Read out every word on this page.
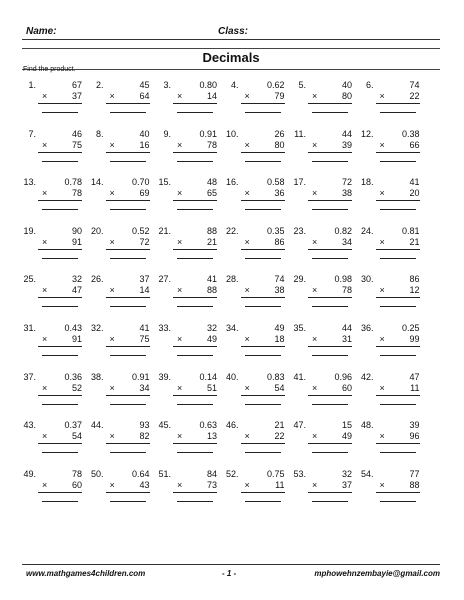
Name:	Class:
Decimals
Find the product.
1.	67
×	37
2.	45
×	64
3.	0.80
×	14
4.	0.62
×	79
5.	40
×	80
6.	74
×	22
7.	46
×	75
8.	40
×	16
9.	0.91
×	78
10.	26
×	80
11.	44
×	39
12.	0.38
×	66
13.	0.78
×	78
14.	0.70
×	69
15.	48
×	65
16.	0.58
×	36
17.	72
×	38
18.	41
×	20
19.	90
×	91
20.	0.52
×	72
21.	88
×	21
22.	0.35
×	86
23.	0.82
×	34
24.	0.81
×	21
25.	32
×	47
26.	37
×	14
27.	41
×	88
28.	74
×	38
29.	0.98
×	78
30.	86
×	12
31.	0.43
×	91
32.	41
×	75
33.	32
×	49
34.	49
×	18
35.	44
×	31
36.	0.25
×	99
37.	0.36
×	52
38.	0.91
×	34
39.	0.14
×	51
40.	0.83
×	54
41.	0.96
×	60
42.	47
×	11
43.	0.37
×	54
44.	93
×	82
45.	0.63
×	13
46.	21
×	22
47.	15
×	49
48.	39
×	96
49.	78
×	60
50.	0.64
×	43
51.	84
×	73
52.	0.75
×	11
53.	32
×	37
54.	77
×	88
www.mathgames4children.com	- 1 -	mphowehnzembayie@gmail.com
